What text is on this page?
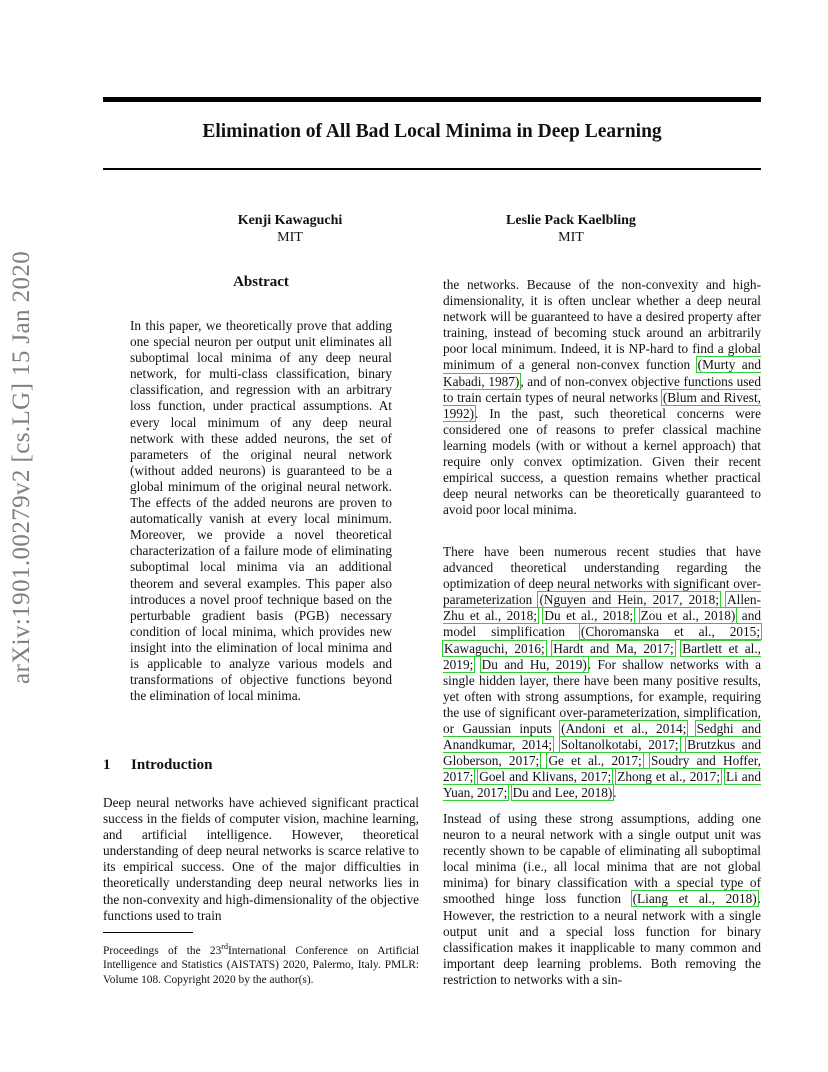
Elimination of All Bad Local Minima in Deep Learning
Kenji Kawaguchi
MIT
Leslie Pack Kaelbling
MIT
arXiv:1901.00279v2 [cs.LG] 15 Jan 2020	Abstract

In this paper, we theoretically prove that adding one special neuron per output unit eliminates all suboptimal local minima of any deep neural network, for multi-class classification, binary classification, and regression with an arbitrary loss function, under practical assumptions. At every local minimum of any deep neural network with these added neurons, the set of parameters of the original neural network (without added neurons) is guaranteed to be a global minimum of the original neural network. The effects of the added neurons are proven to automatically vanish at every local minimum. Moreover, we provide a novel theoretical characterization of a failure mode of eliminating suboptimal local minima via an additional theorem and several examples. This paper also introduces a novel proof technique based on the perturbable gradient basis (PGB) necessary condition of local minima, which provides new insight into the elimination of local minima and is applicable to analyze various models and transformations of objective functions beyond the elimination of local minima.

1 Introduction

Deep neural networks have achieved significant practical success in the fields of computer vision, machine learning, and artificial intelligence. However, theoretical understanding of deep neural networks is scarce relative to its empirical success. One of the major difficulties in theoretically understanding deep neural networks lies in the non-convexity and high-dimensionality of the objective functions used to train

Proceedings of the 23rdInternational Conference on Artificial Intelligence and Statistics (AISTATS) 2020, Palermo, Italy. PMLR: Volume 108. Copyright 2020 by the author(s).

the networks. Because of the non-convexity and high-dimensionality, it is often unclear whether a deep neural network will be guaranteed to have a desired property after training, instead of becoming stuck around an arbitrarily poor local minimum. Indeed, it is NP-hard to find a global minimum of a general non-convex function (Murty and Kabadi, 1987), and of non-convex objective functions used to train certain types of neural networks (Blum and Rivest, 1992). In the past, such theoretical concerns were considered one of reasons to prefer classical machine learning models (with or without a kernel approach) that require only convex optimization. Given their recent empirical success, a question remains whether practical deep neural networks can be theoretically guaranteed to avoid poor local minima.

There have been numerous recent studies that have advanced theoretical understanding regarding the optimization of deep neural networks with significant over-parameterization (Nguyen and Hein, 2017, 2018; Allen-Zhu et al., 2018; Du et al., 2018; Zou et al., 2018) and model simplification (Choromanska et al., 2015; Kawaguchi, 2016; Hardt and Ma, 2017; Bartlett et al., 2019; Du and Hu, 2019). For shallow networks with a single hidden layer, there have been many positive results, yet often with strong assumptions, for example, requiring the use of significant over-parameterization, simplification, or Gaussian inputs (Andoni et al., 2014; Sedghi and Anandkumar, 2014; Soltanolkotabi, 2017; Brutzkus and Globerson, 2017; Ge et al., 2017; Soudry and Hoffer, 2017; Goel and Klivans, 2017; Zhong et al., 2017; Li and Yuan, 2017; Du and Lee, 2018).

Instead of using these strong assumptions, adding one neuron to a neural network with a single output unit was recently shown to be capable of eliminating all suboptimal local minima (i.e., all local minima that are not global minima) for binary classification with a special type of smoothed hinge loss function (Liang et al., 2018). However, the restriction to a neural network with a single output unit and a special loss function for binary classification makes it inapplicable to many common and important deep learning problems. Both removing the restriction to networks with a sin-
